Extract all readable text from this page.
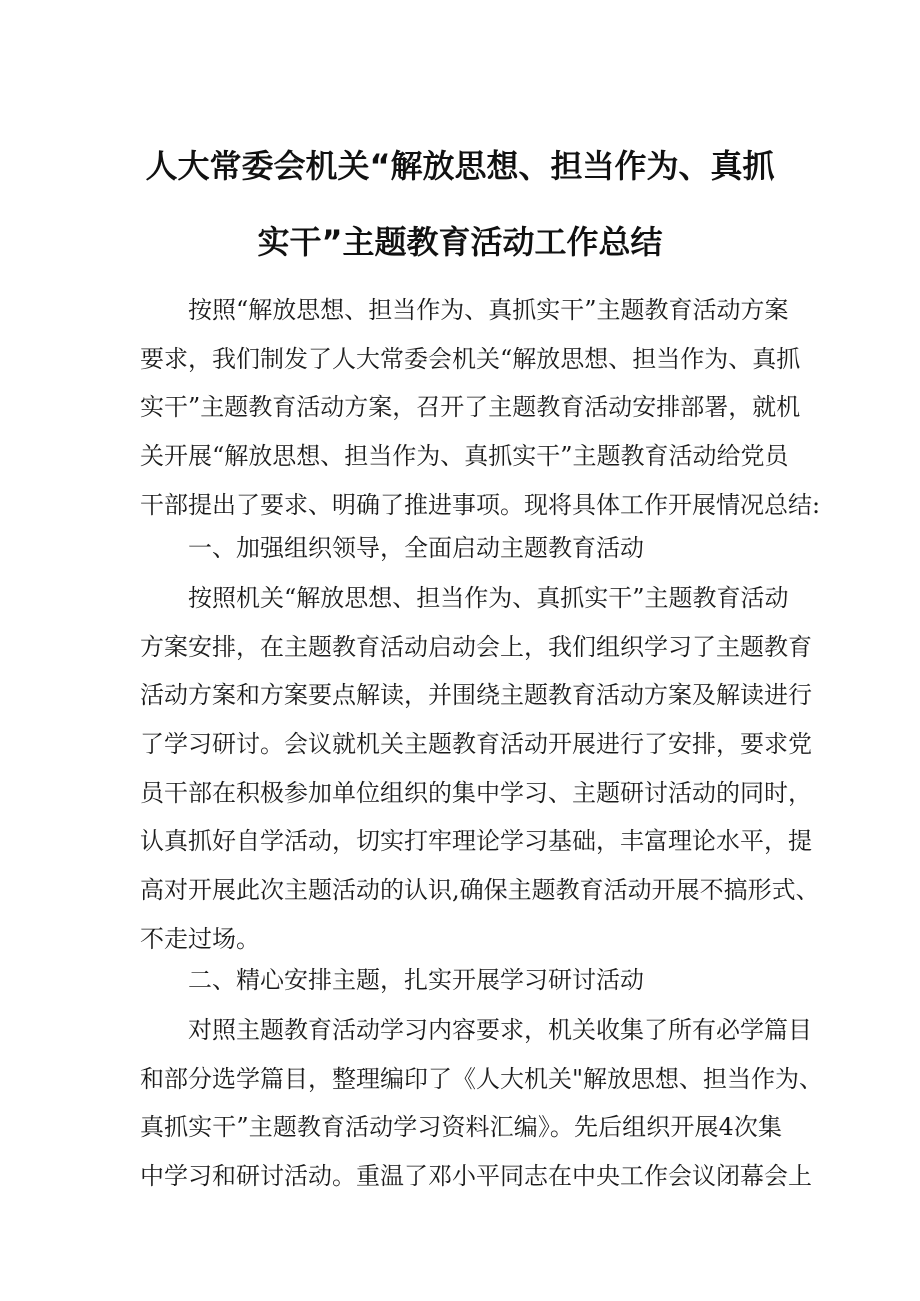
人大常委会机关“解放思想、担当作为、真抓
实干”主题教育活动工作总结
按照“解放思想、担当作为、真抓实干”主题教育活动方案
要求，我们制发了人大常委会机关“解放思想、担当作为、真抓
实干”主题教育活动方案，召开了主题教育活动安排部署，就机
关开展“解放思想、担当作为、真抓实干”主题教育活动给党员
干部提出了要求、明确了推进事项。现将具体工作开展情况总结:
一、加强组织领导，全面启动主题教育活动
按照机关“解放思想、担当作为、真抓实干”主题教育活动
方案安排，在主题教育活动启动会上，我们组织学习了主题教育
活动方案和方案要点解读，并围绕主题教育活动方案及解读进行
了学习研讨。会议就机关主题教育活动开展进行了安排，要求党
员干部在积极参加单位组织的集中学习、主题研讨活动的同时，
认真抓好自学活动，切实打牢理论学习基础，丰富理论水平，提
高对开展此次主题活动的认识,确保主题教育活动开展不搞形式、
不走过场。
二、精心安排主题，扎实开展学习研讨活动
对照主题教育活动学习内容要求，机关收集了所有必学篇目
和部分选学篇目，整理编印了《人大机关"解放思想、担当作为、
真抓实干”主题教育活动学习资料汇编》。先后组织开展4次集
中学习和研讨活动。重温了邓小平同志在中央工作会议闭幕会上
